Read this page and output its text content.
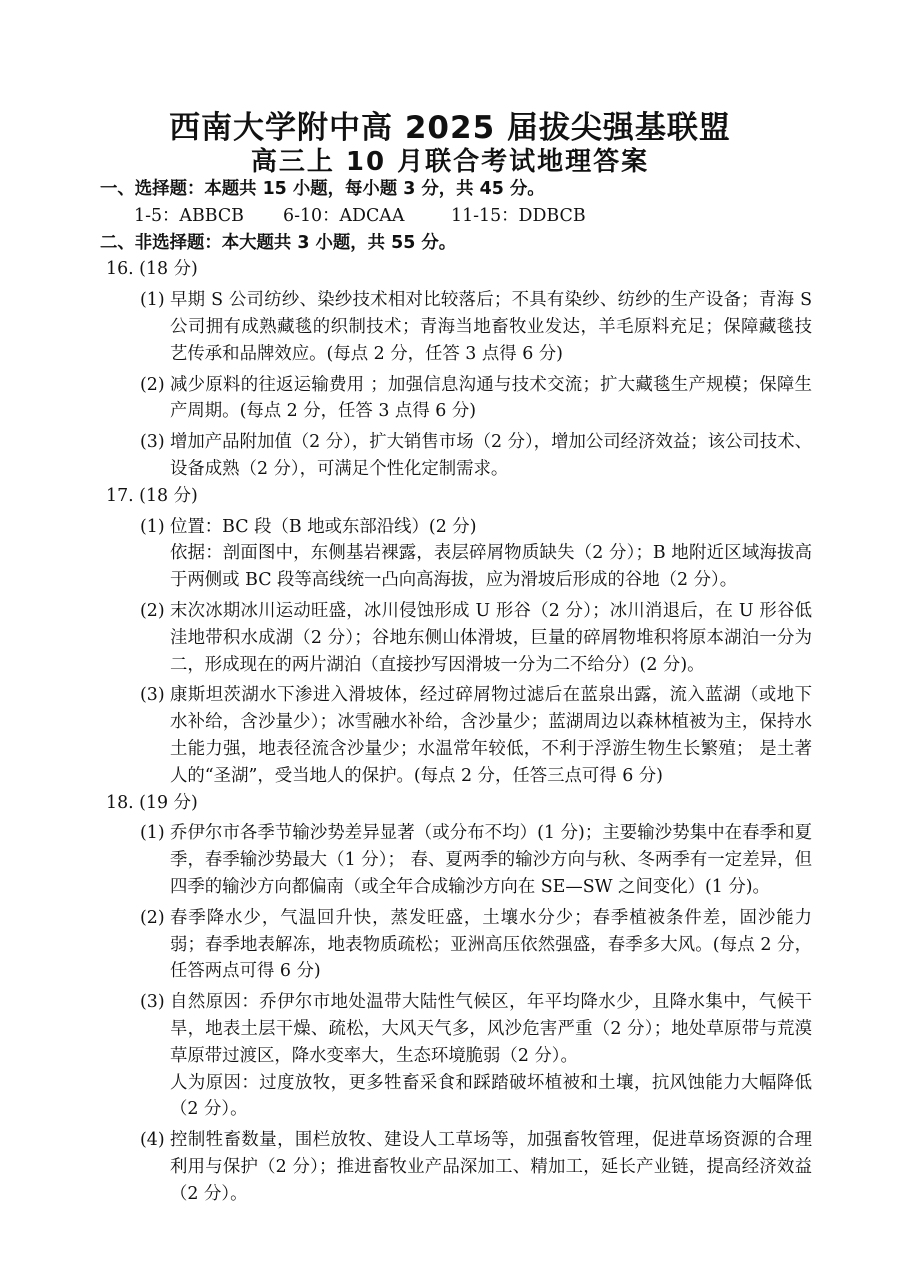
西南大学附中高 2025 届拔尖强基联盟
高三上 10 月联合考试地理答案
一、选择题：本题共 15 小题，每小题 3 分，共 45 分。
1-5：ABBCB	6-10：ADCAA	11-15：DDBCB
二、非选择题：本大题共 3 小题，共 55 分。
16. (18 分)
(1) 早期 S 公司纺纱、染纱技术相对比较落后；不具有染纱、纺纱的生产设备；青海 S 公司拥有成熟藏毯的织制技术；青海当地畜牧业发达，羊毛原料充足；保障藏毯技艺传承和品牌效应。(每点 2 分，任答 3 点得 6 分)

(2) 减少原料的往返运输费用 ；加强信息沟通与技术交流；扩大藏毯生产规模；保障生产周期。(每点 2 分，任答 3 点得 6 分)

(3) 增加产品附加值（2 分），扩大销售市场（2 分），增加公司经济效益；该公司技术、设备成熟（2 分），可满足个性化定制需求。

17. (18 分)
(1) 位置：BC 段（B 地或东部沿线）(2 分)

依据：剖面图中，东侧基岩裸露，表层碎屑物质缺失（2 分）；B 地附近区域海拔高于两侧或 BC 段等高线统一凸向高海拔，应为滑坡后形成的谷地（2 分）。

(2) 末次冰期冰川运动旺盛，冰川侵蚀形成 U 形谷（2 分）；冰川消退后，在 U 形谷低洼地带积水成湖（2 分）；谷地东侧山体滑坡，巨量的碎屑物堆积将原本湖泊一分为二，形成现在的两片湖泊（直接抄写因滑坡一分为二不给分）(2 分)。

(3) 康斯坦茨湖水下渗进入滑坡体，经过碎屑物过滤后在蓝泉出露，流入蓝湖（或地下水补给，含沙量少）；冰雪融水补给，含沙量少；蓝湖周边以森林植被为主，保持水土能力强，地表径流含沙量少；水温常年较低，不利于浮游生物生长繁殖； 是土著人的“圣湖”，受当地人的保护。(每点 2 分，任答三点可得 6 分)

18. (19 分)
(1) 乔伊尔市各季节输沙势差异显著（或分布不均）(1 分)；主要输沙势集中在春季和夏季，春季输沙势最大（1 分）； 春、夏两季的输沙方向与秋、冬两季有一定差异，但四季的输沙方向都偏南（或全年合成输沙方向在 SE—SW 之间变化）(1 分)。

(2) 春季降水少，气温回升快，蒸发旺盛，土壤水分少；春季植被条件差，固沙能力弱；春季地表解冻，地表物质疏松；亚洲高压依然强盛，春季多大风。(每点 2 分，任答两点可得 6 分)

(3) 自然原因：乔伊尔市地处温带大陆性气候区，年平均降水少，且降水集中，气候干旱，地表土层干燥、疏松，大风天气多，风沙危害严重（2 分）；地处草原带与荒漠草原带过渡区，降水变率大，生态环境脆弱（2 分）。

人为原因：过度放牧，更多牲畜采食和踩踏破坏植被和土壤，抗风蚀能力大幅降低（2 分）。

(4) 控制牲畜数量，围栏放牧、建设人工草场等，加强畜牧管理，促进草场资源的合理利用与保护（2 分）；推进畜牧业产品深加工、精加工，延长产业链，提高经济效益（2 分）。
